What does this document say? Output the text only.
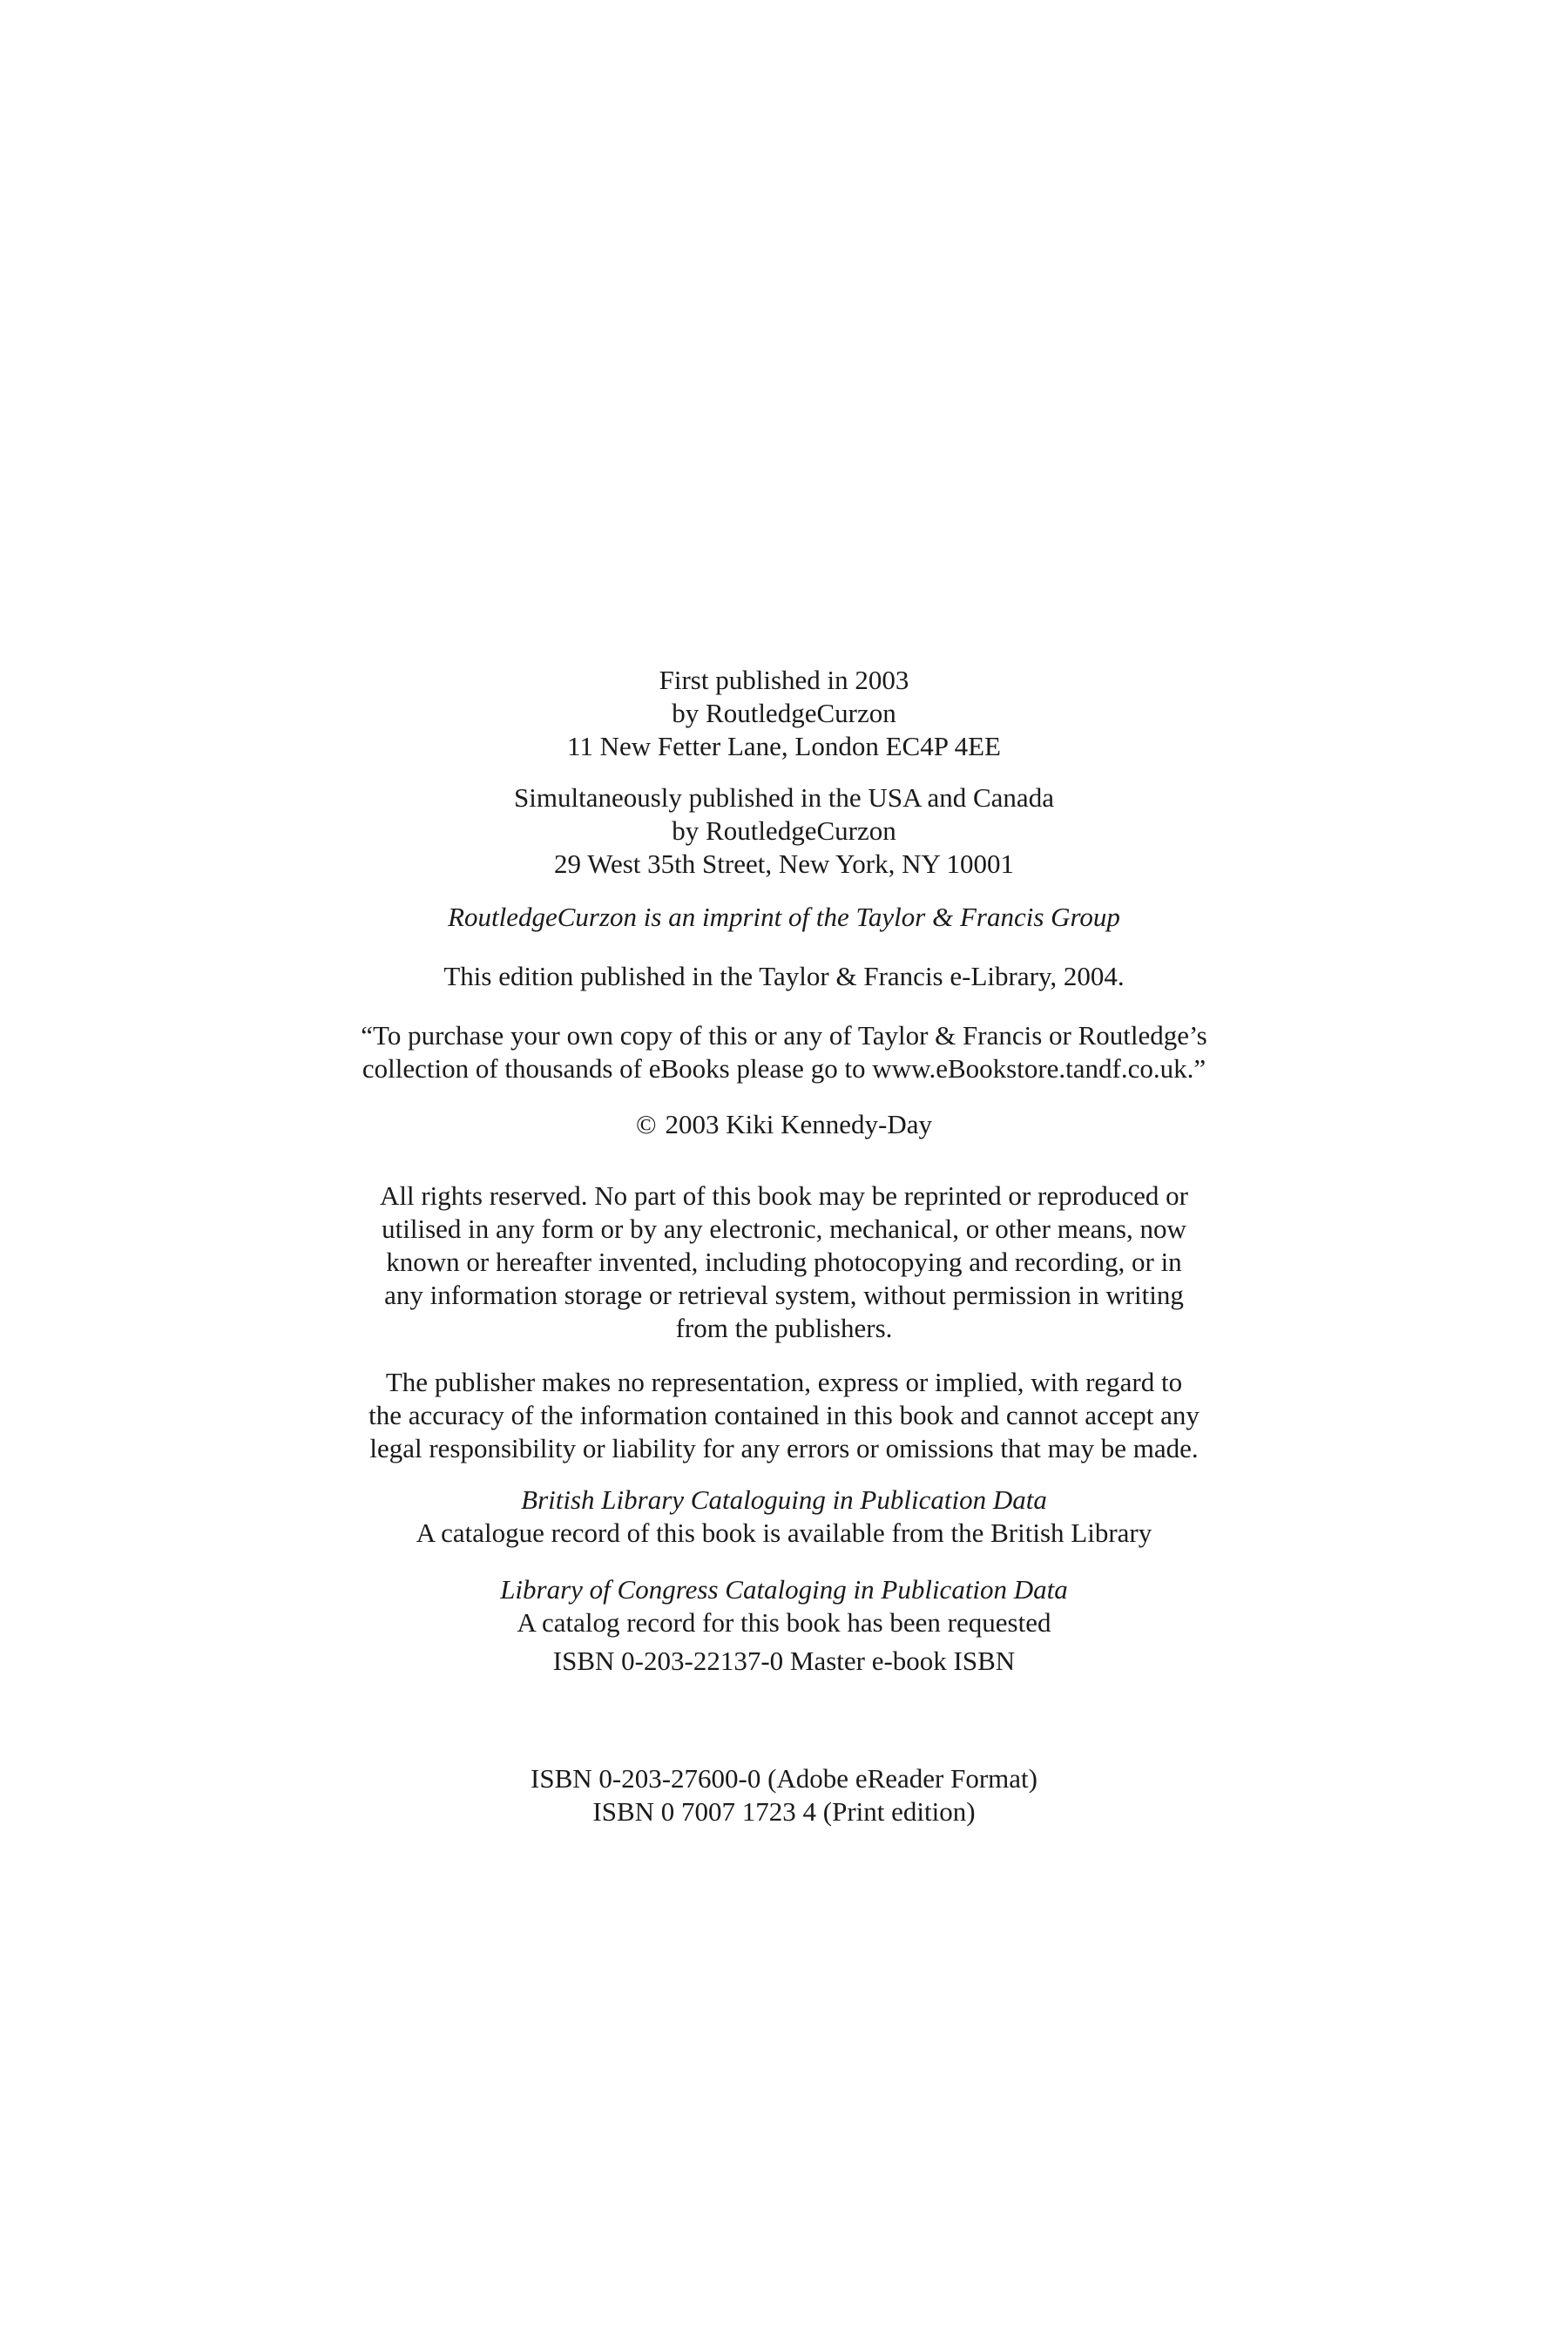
First published in 2003
by RoutledgeCurzon
11 New Fetter Lane, London EC4P 4EE
Simultaneously published in the USA and Canada
by RoutledgeCurzon
29 West 35th Street, New York, NY 10001
RoutledgeCurzon is an imprint of the Taylor & Francis Group
This edition published in the Taylor & Francis e-Library, 2004.
“To purchase your own copy of this or any of Taylor & Francis or Routledge’s
collection of thousands of eBooks please go to www.eBookstore.tandf.co.uk.”
© 2003 Kiki Kennedy-Day
All rights reserved. No part of this book may be reprinted or reproduced or
utilised in any form or by any electronic, mechanical, or other means, now
known or hereafter invented, including photocopying and recording, or in
any information storage or retrieval system, without permission in writing
from the publishers.
The publisher makes no representation, express or implied, with regard to
the accuracy of the information contained in this book and cannot accept any
legal responsibility or liability for any errors or omissions that may be made.
British Library Cataloguing in Publication Data
A catalogue record of this book is available from the British Library
Library of Congress Cataloging in Publication Data
A catalog record for this book has been requested
ISBN 0-203-22137-0 Master e-book ISBN
ISBN 0-203-27600-0 (Adobe eReader Format)
ISBN 0 7007 1723 4 (Print edition)
